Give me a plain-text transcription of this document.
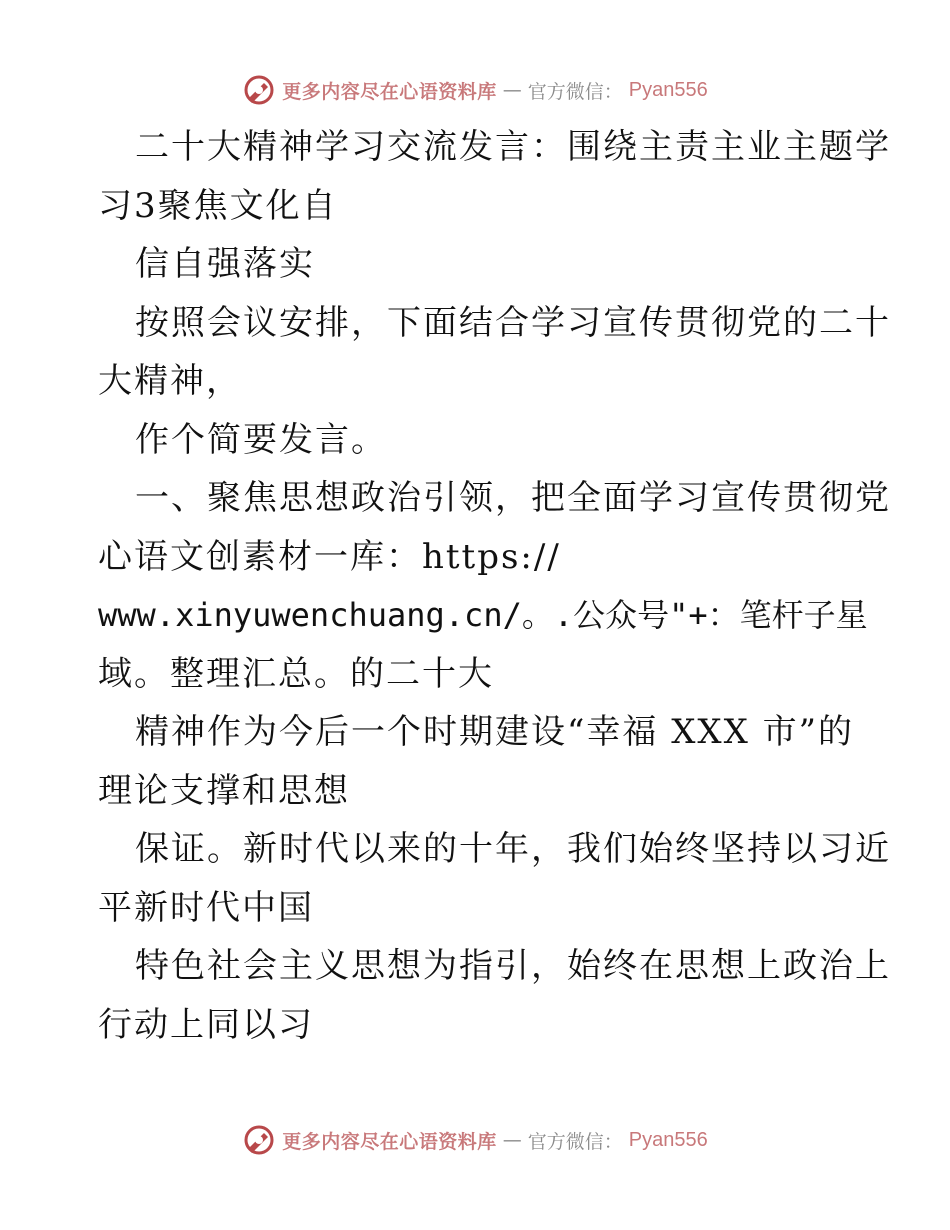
更多内容尽在心语资料库 — 官方微信： Pyan556
二十大精神学习交流发言：围绕主责主业主题学
习3聚焦文化自
信自强落实
按照会议安排，下面结合学习宣传贯彻党的二十
大精神，
作个简要发言。
一、聚焦思想政治引领，把全面学习宣传贯彻党
心语文创素材一库：https://
www.xinyuwenchuang.cn/。.公众号"+：笔杆子星
域。整理汇总。的二十大
精神作为今后一个时期建设“幸福 XXX 市”的
理论支撑和思想
保证。新时代以来的十年，我们始终坚持以习近
平新时代中国
特色社会主义思想为指引，始终在思想上政治上
行动上同以习
更多内容尽在心语资料库 — 官方微信： Pyan556
